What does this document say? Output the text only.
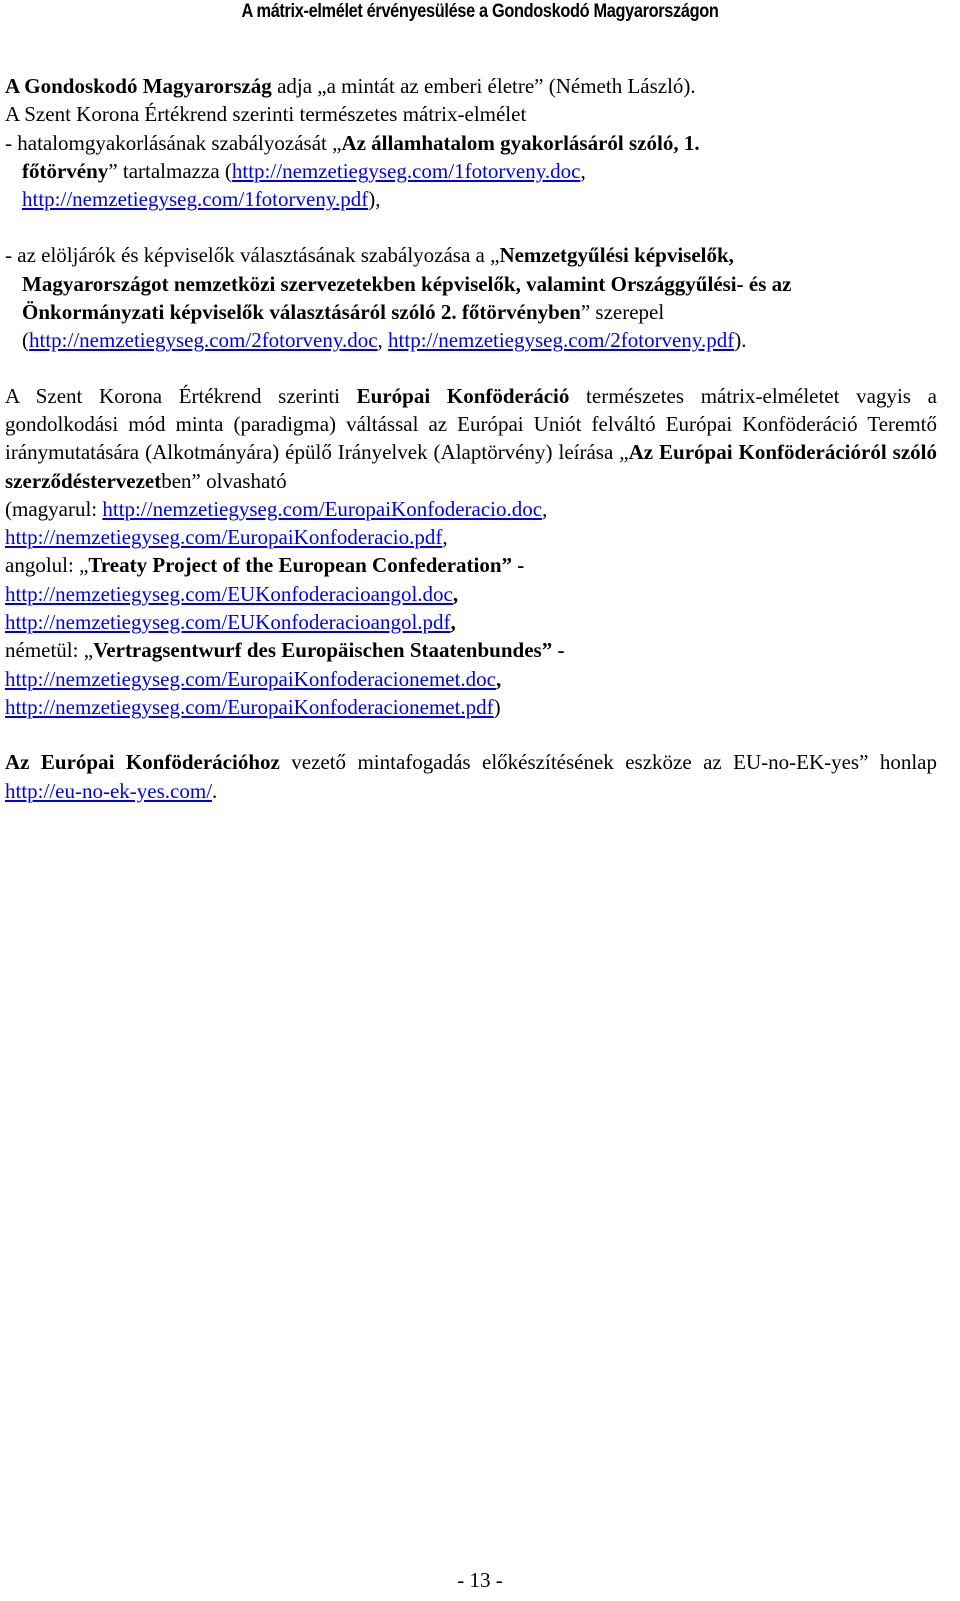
A mátrix-elmélet érvényesülése a Gondoskodó Magyarországon

A Gondoskodó Magyarország adja „a mintát az emberi életre” (Németh László).

A Szent Korona Értékrend szerinti természetes mátrix-elmélet

- hatalomgyakorlásának szabályozását „Az államhatalom gyakorlásáról szóló, 1.
főtörvény” tartalmazza (http://nemzetiegyseg.com/1fotorveny.doc,
http://nemzetiegyseg.com/1fotorveny.pdf),

- az elöljárók és képviselők választásának szabályozása a „Nemzetgyűlési képviselők,
Magyarországot nemzetközi szervezetekben képviselők, valamint Országgyűlési- és az
Önkormányzati képviselők választásáról szóló 2. főtörvényben” szerepel
(http://nemzetiegyseg.com/2fotorveny.doc, http://nemzetiegyseg.com/2fotorveny.pdf).

A Szent Korona Értékrend szerinti Európai Konföderáció természetes mátrix-elméletet vagyis a gondolkodási mód minta (paradigma) váltással az Európai Uniót felváltó Európai Konföderáció Teremtő iránymutatására (Alkotmányára) épülő Irányelvek (Alaptörvény) leírása „Az Európai Konföderációról szóló szerződéstervezetben” olvasható

(magyarul: http://nemzetiegyseg.com/EuropaiKonfoderacio.doc,
http://nemzetiegyseg.com/EuropaiKonfoderacio.pdf,

angolul: „Treaty Project of the European Confederation” -
http://nemzetiegyseg.com/EUKonfoderacioangol.doc,
http://nemzetiegyseg.com/EUKonfoderacioangol.pdf,

németül: „Vertragsentwurf des Europäischen Staatenbundes” -
http://nemzetiegyseg.com/EuropaiKonfoderacionemet.doc,
http://nemzetiegyseg.com/EuropaiKonfoderacionemet.pdf)

Az Európai Konföderációhoz vezető mintafogadás előkészítésének eszköze az EU-no-EK-yes” honlap http://eu-no-ek-yes.com/.

- 13 -
